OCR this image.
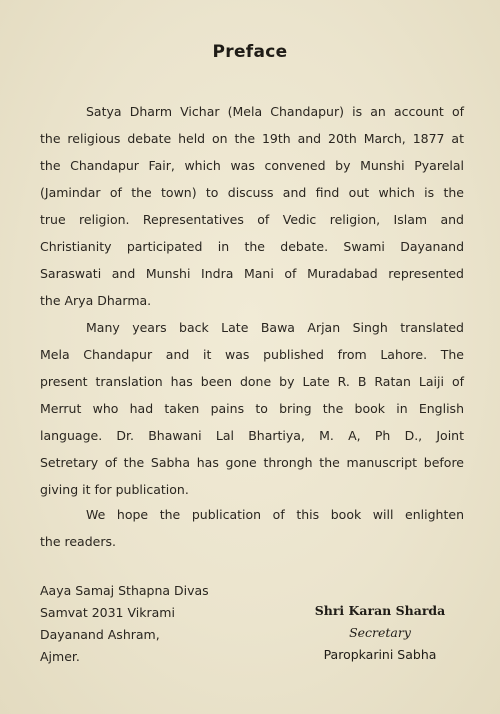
Preface
Satya Dharm Vichar (Mela Chandapur) is an account of
the religious debate held on the 19th and 20th March, 1877 at
the Chandapur Fair, which was convened by Munshi Pyarelal
(Jamindar of the town) to discuss and find out which is the
true religion. Representatives of Vedic religion, Islam and
Christianity participated in the debate. Swami Dayanand
Saraswati and Munshi Indra Mani of Muradabad represented
the Arya Dharma.
Many years back Late Bawa Arjan Singh translated
Mela Chandapur and it was published from Lahore. The
present translation has been done by Late R. B Ratan Laiji of
Merrut who had taken pains to bring the book in English
language. Dr. Bhawani Lal Bhartiya, M. A, Ph D., Joint
Setretary of the Sabha has gone throngh the manuscript before
giving it for publication.
We hope the publication of this book will enlighten
the readers.
Aaya Samaj Sthapna Divas
Samvat 2031 Vikrami
Dayanand Ashram,
Ajmer.
Shri Karan Sharda
Secretary
Paropkarini Sabha
